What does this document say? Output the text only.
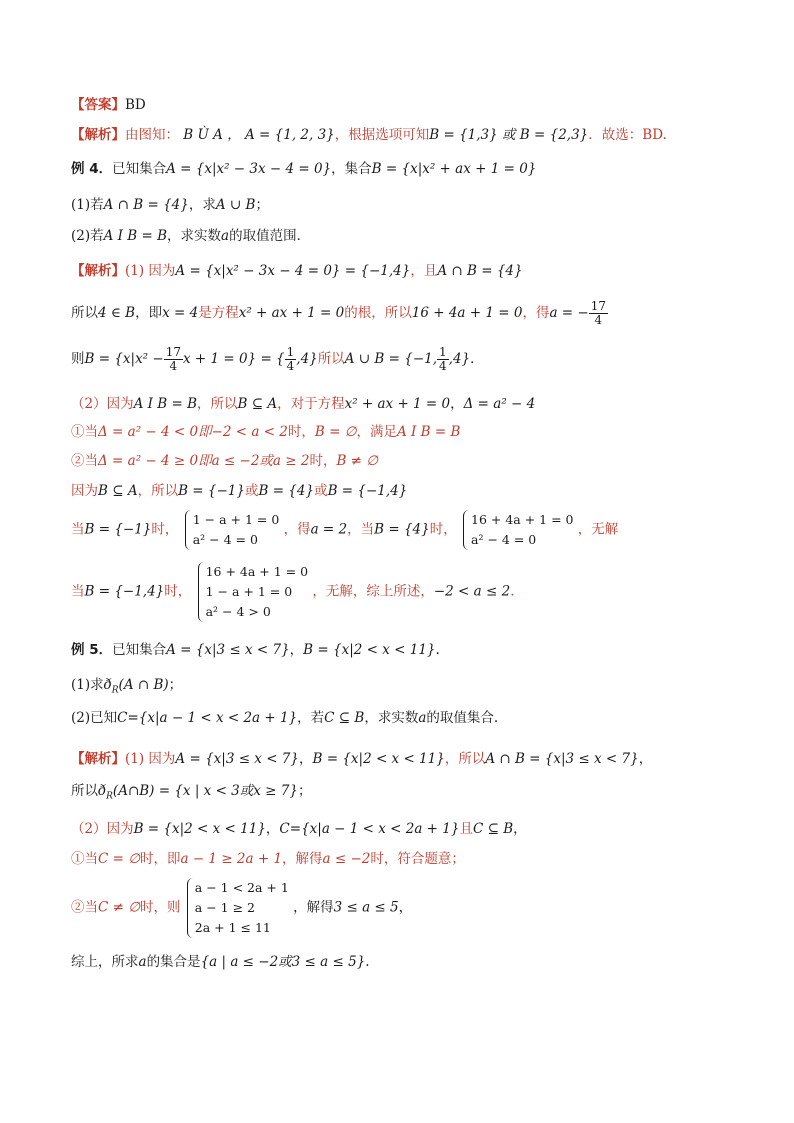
【答案】BD
【解析】由图知： B Ù A ， A = {1, 2, 3}，根据选项可知B = {1,3} 或 B = {2,3}．故选：BD.
例 4．已知集合A = {x|x² − 3x − 4 = 0}，集合B = {x|x² + ax + 1 = 0}
(1)若A ∩ B = {4}，求A ∪ B；
(2)若A I B = B，求实数a的取值范围．
【解析】(1) 因为A = {x|x² − 3x − 4 = 0} = {−1,4}，且A ∩ B = {4}
所以4 ∈ B，即x = 4是方程x² + ax + 1 = 0的根，所以16 + 4a + 1 = 0，得a = − $\frac{17}{4}$
则$B = \{x|x^2 - \frac{17}{4}$ x + 1 = 0} = { $\frac{1}{4} ,4$}所以A ∪ B = {−1, $\frac{1}{4} ,4$}．
（2）因为A I B = B，所以B ⊆ A，对于方程x² + ax + 1 = 0，Δ = a² − 4
①当Δ = a² − 4 < 0即−2 < a < 2时，B = ∅，满足A I B = B
②当Δ = a² − 4 ≥ 0即a ≤ −2或a ≥ 2时，B ≠ ∅
因为B ⊆ A，所以B = {−1}或B = {4}或B = {−1,4}
当B = {−1}时，
1 − a + 1 = 0
a² − 4 = 0
，得a = 2，当B = {4}时，
16 + 4a + 1 = 0
a² − 4 = 0
，无解
当B = {−1,4}时，
16 + 4a + 1 = 0
1 − a + 1 = 0
a² − 4 > 0
，无解，综上所述，−2 < a ≤ 2．
例 5．已知集合A = {x|3 ≤ x < 7}，B = {x|2 < x < 11}.
(1)求$ð_R(A$ ∩ B)；
(2)已知C={x|a − 1 < x < 2a + 1}，若C ⊆ B，求实数a的取值集合.
【解析】(1) 因为A = {x|3 ≤ x < 7}，B = {x|2 < x < 11}，所以A ∩ B = {x|3 ≤ x < 7}，
所以$ð_R(A\cap B) = \{x$ | x < 3或x ≥ 7}；
（2）因为B = {x|2 < x < 11}，C={x|a − 1 < x < 2a + 1}且C ⊆ B，
①当C = ∅时，即a − 1 ≥ 2a + 1，解得a ≤ −2时，符合题意；
②当C ≠ ∅时，则
a − 1 < 2a + 1
a − 1 ≥ 2
2a + 1 ≤ 11
，解得3 ≤ a ≤ 5，
综上，所求a的集合是{a | a ≤ −2或3 ≤ a ≤ 5}.
